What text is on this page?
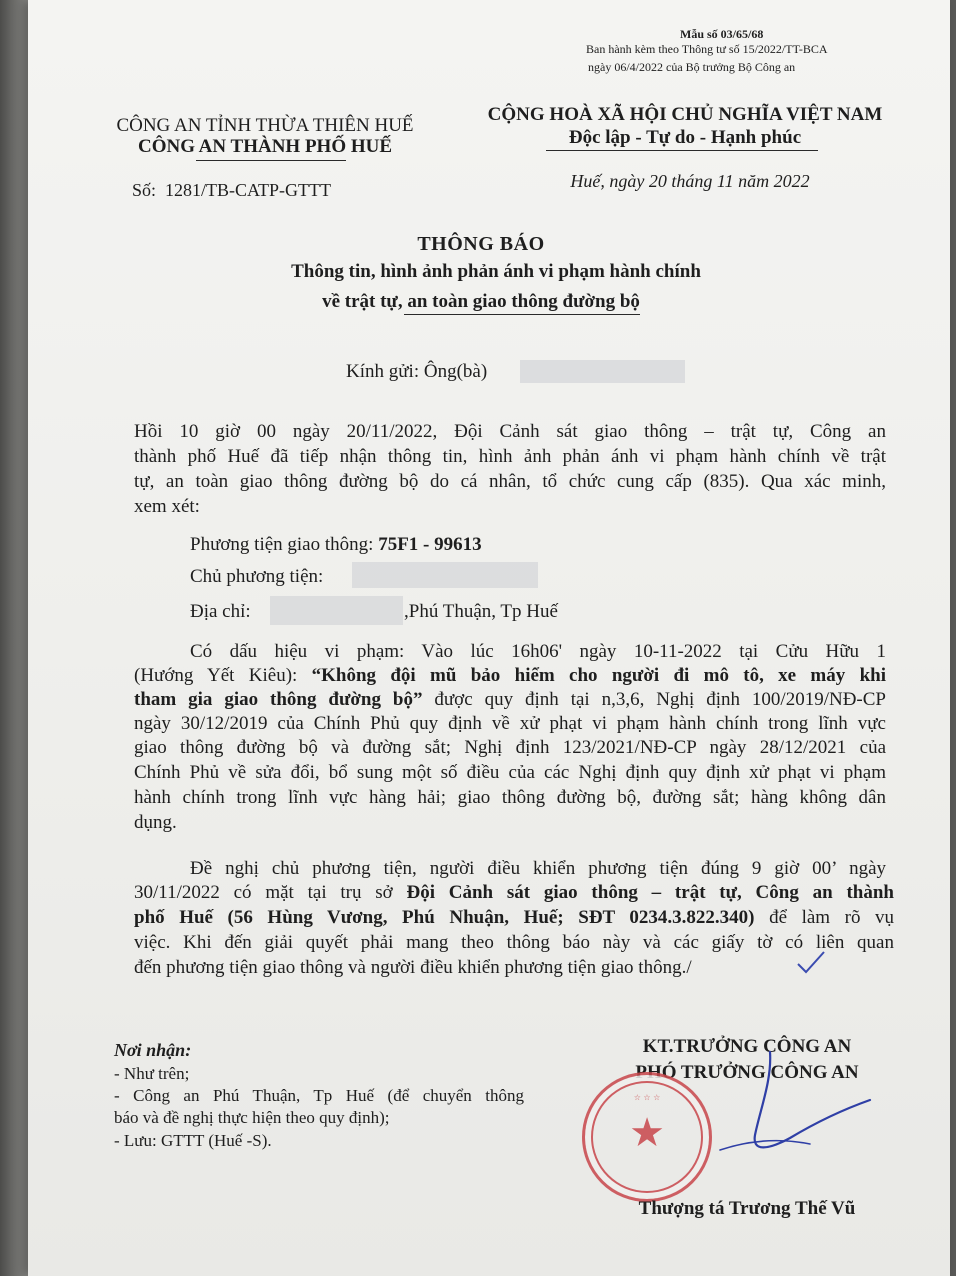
Mẫu số 03/65/68
Ban hành kèm theo Thông tư số 15/2022/TT-BCA
ngày 06/4/2022 của Bộ trưởng Bộ Công an
CÔNG AN TỈNH THỪA THIÊN HUẾ
CÔNG AN THÀNH PHỐ HUẾ
CỘNG HOÀ XÃ HỘI CHỦ NGHĨA VIỆT NAM
Độc lập - Tự do - Hạnh phúc
Số: 1281/TB-CATP-GTTT	Huế, ngày 20 tháng 11 năm 2022
THÔNG BÁO
Thông tin, hình ảnh phản ánh vi phạm hành chính
về trật tự, an toàn giao thông đường bộ
Kính gửi: Ông(bà)
Hồi 10 giờ 00 ngày 20/11/2022, Đội Cảnh sát giao thông – trật tự, Công an
thành phố Huế đã tiếp nhận thông tin, hình ảnh phản ánh vi phạm hành chính về trật
tự, an toàn giao thông đường bộ do cá nhân, tổ chức cung cấp (835). Qua xác minh,
xem xét:
Phương tiện giao thông: 75F1 - 99613
Chủ phương tiện:
Địa chỉ:	,Phú Thuận, Tp Huế
Có dấu hiệu vi phạm: Vào lúc 16h06' ngày 10-11-2022 tại Cửu Hữu 1
(Hướng Yết Kiêu): “Không đội mũ bảo hiểm cho người đi mô tô, xe máy khi
tham gia giao thông đường bộ” được quy định tại n,3,6, Nghị định 100/2019/NĐ-CP
ngày 30/12/2019 của Chính Phủ quy định về xử phạt vi phạm hành chính trong lĩnh vực
giao thông đường bộ và đường sắt; Nghị định 123/2021/NĐ-CP ngày 28/12/2021 của
Chính Phủ về sửa đổi, bổ sung một số điều của các Nghị định quy định xử phạt vi phạm
hành chính trong lĩnh vực hàng hải; giao thông đường bộ, đường sắt; hàng không dân
dụng.
Đề nghị chủ phương tiện, người điều khiển phương tiện đúng 9 giờ 00’ ngày
30/11/2022 có mặt tại trụ sở Đội Cảnh sát giao thông – trật tự, Công an thành
phố Huế (56 Hùng Vương, Phú Nhuận, Huế; SĐT 0234.3.822.340) để làm rõ vụ
việc. Khi đến giải quyết phải mang theo thông báo này và các giấy tờ có liên quan
đến phương tiện giao thông và người điều khiển phương tiện giao thông./
Nơi nhận:
- Như trên;
- Công an Phú Thuận, Tp Huế (để chuyển thông
báo và đề nghị thực hiện theo quy định);
- Lưu: GTTT (Huế -S).
KT.TRƯỞNG CÔNG AN
PHÓ TRƯỞNG CÔNG AN
☆ ☆ ☆
★
Thượng tá Trương Thế Vũ
